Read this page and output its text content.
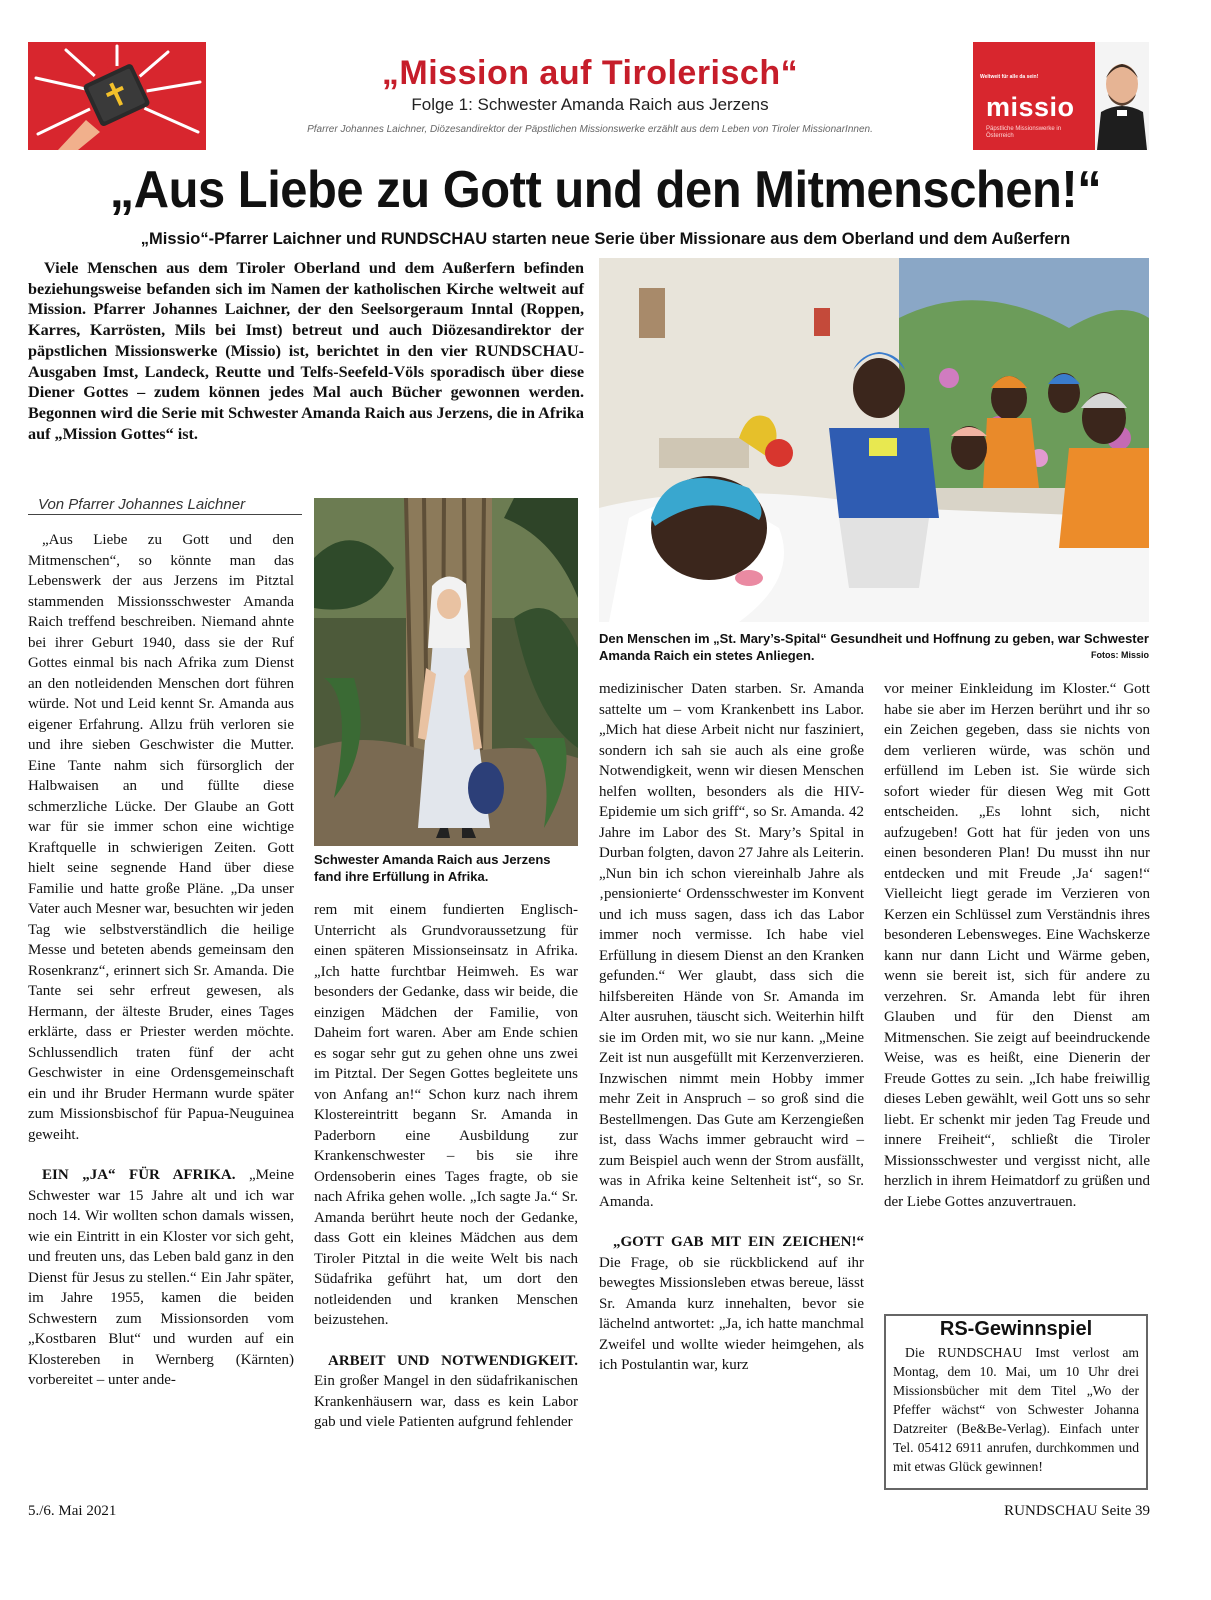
„Mission auf Tirolerisch“
Folge 1: Schwester Amanda Raich aus Jerzens
Pfarrer Johannes Laichner, Diözesandirektor der Päpstlichen Missionswerke erzählt aus dem Leben von Tiroler MissionarInnen.
Weltweit für alle da sein!
missio
Päpstliche Missionswerke in Österreich
„Aus Liebe zu Gott und den Mitmenschen!“
„Missio“-Pfarrer Laichner und RUNDSCHAU starten neue Serie über Missionare aus dem Oberland und dem Außerfern
Viele Menschen aus dem Tiroler Oberland und dem Außerfern befinden beziehungsweise befanden sich im Namen der katholischen Kirche weltweit auf Mission. Pfarrer Johannes Laichner, der den Seelsorgeraum Inntal (Roppen, Karres, Karrösten, Mils bei Imst) betreut und auch Diözesandirektor der päpstlichen Missionswerke (Missio) ist, berichtet in den vier RUNDSCHAU-Ausgaben Imst, Landeck, Reutte und Telfs-Seefeld-Völs sporadisch über diese Diener Gottes – zudem können jedes Mal auch Bücher gewonnen werden. Begonnen wird die Serie mit Schwester Amanda Raich aus Jerzens, die in Afrika auf „Mission Gottes“ ist.
Von Pfarrer Johannes Laichner

„Aus Liebe zu Gott und den Mitmenschen“, so könnte man das Lebenswerk der aus Jerzens im Pitztal stammenden Missionsschwester Amanda Raich treffend beschreiben. Niemand ahnte bei ihrer Geburt 1940, dass sie der Ruf Gottes einmal bis nach Afrika zum Dienst an den notleidenden Menschen dort führen würde. Not und Leid kennt Sr. Amanda aus eigener Erfahrung. Allzu früh verloren sie und ihre sieben Geschwister die Mutter. Eine Tante nahm sich fürsorglich der Halbwaisen an und füllte diese schmerzliche Lücke. Der Glaube an Gott war für sie immer schon eine wichtige Kraftquelle in schwierigen Zeiten. Gott hielt seine segnende Hand über diese Familie und hatte große Pläne. „Da unser Vater auch Mesner war, besuchten wir jeden Tag wie selbstverständlich die heilige Messe und beteten abends gemeinsam den Rosenkranz“, erinnert sich Sr. Amanda. Die Tante sei sehr erfreut gewesen, als Hermann, der älteste Bruder, eines Tages erklärte, dass er Priester werden möchte. Schlussendlich traten fünf der acht Geschwister in eine Ordensgemeinschaft ein und ihr Bruder Hermann wurde später zum Missionsbischof für Papua-Neuguinea geweiht.

EIN „JA“ FÜR AFRIKA. „Meine Schwester war 15 Jahre alt und ich war noch 14. Wir wollten schon damals wissen, wie ein Eintritt in ein Kloster vor sich geht, und freuten uns, das Leben bald ganz in den Dienst für Jesus zu stellen.“ Ein Jahr später, im Jahre 1955, kamen die beiden Schwestern zum Missionsorden vom „Kostbaren Blut“ und wurden auf ein Klostereben in Wernberg (Kärnten) vorbereitet – unter ande-

Schwester Amanda Raich aus Jerzens fand ihre Erfüllung in Afrika.

rem mit einem fundierten Englisch-Unterricht als Grundvoraussetzung für einen späteren Missionseinsatz in Afrika. „Ich hatte furchtbar Heimweh. Es war besonders der Gedanke, dass wir beide, die einzigen Mädchen der Familie, von Daheim fort waren. Aber am Ende schien es sogar sehr gut zu gehen ohne uns zwei im Pitztal. Der Segen Gottes begleitete uns von Anfang an!“ Schon kurz nach ihrem Klostereintritt begann Sr. Amanda in Paderborn eine Ausbildung zur Krankenschwester – bis sie ihre Ordensoberin eines Tages fragte, ob sie nach Afrika gehen wolle. „Ich sagte Ja.“ Sr. Amanda berührt heute noch der Gedanke, dass Gott ein kleines Mädchen aus dem Tiroler Pitztal in die weite Welt bis nach Südafrika geführt hat, um dort den notleidenden und kranken Menschen beizustehen.

ARBEIT UND NOTWENDIGKEIT. Ein großer Mangel in den südafrikanischen Krankenhäusern war, dass es kein Labor gab und viele Patienten aufgrund fehlender

Den Menschen im „St. Mary’s-Spital“ Gesundheit und Hoffnung zu geben, war Schwester Amanda Raich ein stetes Anliegen.	Fotos: Missio

medizinischer Daten starben. Sr. Amanda sattelte um – vom Krankenbett ins Labor. „Mich hat diese Arbeit nicht nur fasziniert, sondern ich sah sie auch als eine große Notwendigkeit, wenn wir diesen Menschen helfen wollten, besonders als die HIV-Epidemie um sich griff“, so Sr. Amanda. 42 Jahre im Labor des St. Mary’s Spital in Durban folgten, davon 27 Jahre als Leiterin. „Nun bin ich schon viereinhalb Jahre als ‚pensionierte‘ Ordensschwester im Konvent und ich muss sagen, dass ich das Labor immer noch vermisse. Ich habe viel Erfüllung in diesem Dienst an den Kranken gefunden.“ Wer glaubt, dass sich die hilfsbereiten Hände von Sr. Amanda im Alter ausruhen, täuscht sich. Weiterhin hilft sie im Orden mit, wo sie nur kann. „Meine Zeit ist nun ausgefüllt mit Kerzenverzieren. Inzwischen nimmt mein Hobby immer mehr Zeit in Anspruch – so groß sind die Bestellmengen. Das Gute am Kerzengießen ist, dass Wachs immer gebraucht wird – zum Beispiel auch wenn der Strom ausfällt, was in Afrika keine Seltenheit ist“, so Sr. Amanda.

„GOTT GAB MIT EIN ZEICHEN!“ Die Frage, ob sie rückblickend auf ihr bewegtes Missionsleben etwas bereue, lässt Sr. Amanda kurz innehalten, bevor sie lächelnd antwortet: „Ja, ich hatte manchmal Zweifel und wollte wieder heimgehen, als ich Postulantin war, kurz

vor meiner Einkleidung im Kloster.“ Gott habe sie aber im Herzen berührt und ihr so ein Zeichen gegeben, dass sie nichts von dem verlieren würde, was schön und erfüllend im Leben ist. Sie würde sich sofort wieder für diesen Weg mit Gott entscheiden. „Es lohnt sich, nicht aufzugeben! Gott hat für jeden von uns einen besonderen Plan! Du musst ihn nur entdecken und mit Freude ‚Ja‘ sagen!“ Vielleicht liegt gerade im Verzieren von Kerzen ein Schlüssel zum Verständnis ihres besonderen Lebensweges. Eine Wachskerze kann nur dann Licht und Wärme geben, wenn sie bereit ist, sich für andere zu verzehren. Sr. Amanda lebt für ihren Glauben und für den Dienst am Mitmenschen. Sie zeigt auf beeindruckende Weise, was es heißt, eine Dienerin der Freude Gottes zu sein. „Ich habe freiwillig dieses Leben gewählt, weil Gott uns so sehr liebt. Er schenkt mir jeden Tag Freude und innere Freiheit“, schließt die Tiroler Missionsschwester und vergisst nicht, alle herzlich in ihrem Heimatdorf zu grüßen und der Liebe Gottes anzuvertrauen.

RS-Gewinnspiel
Die RUNDSCHAU Imst verlost am Montag, dem 10. Mai, um 10 Uhr drei Missionsbücher mit dem Titel „Wo der Pfeffer wächst“ von Schwester Johanna Datzreiter (Be&Be-Verlag). Einfach unter Tel. 05412 6911 anrufen, durchkommen und mit etwas Glück gewinnen!
5./6. Mai 2021	RUNDSCHAU Seite 39
